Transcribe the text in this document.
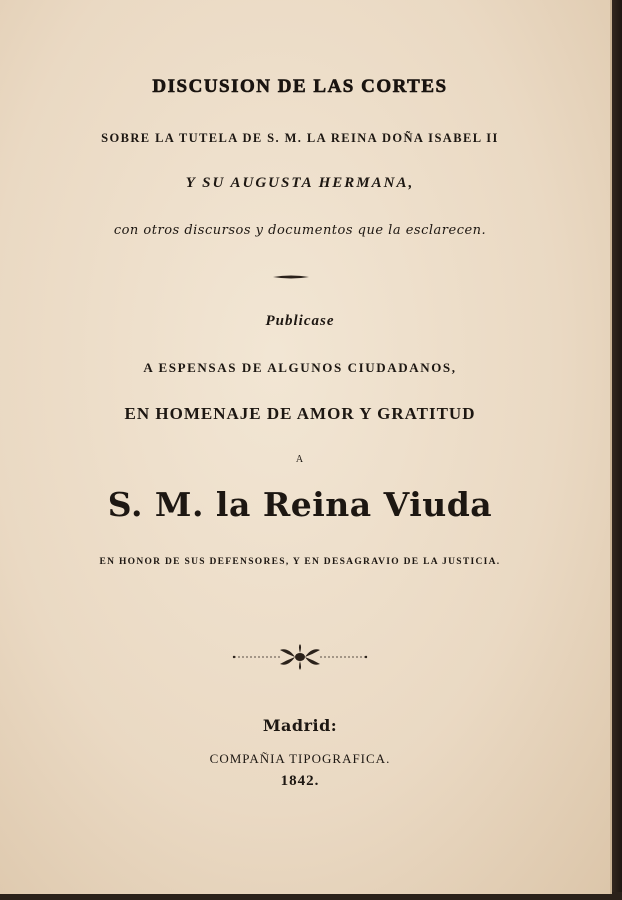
DISCUSION DE LAS CORTES
SOBRE LA TUTELA DE S. M. LA REINA DOÑA ISABEL II
Y SU AUGUSTA HERMANA,
con otros discursos y documentos que la esclarecen.
Publicase
A ESPENSAS DE ALGUNOS CIUDADANOS,
EN HOMENAJE DE AMOR Y GRATITUD
A
S. M. la Reina Viuda
EN HONOR DE SUS DEFENSORES, Y EN DESAGRAVIO DE LA JUSTICIA.
Madrid:
COMPAÑIA TIPOGRAFICA.
1842.
